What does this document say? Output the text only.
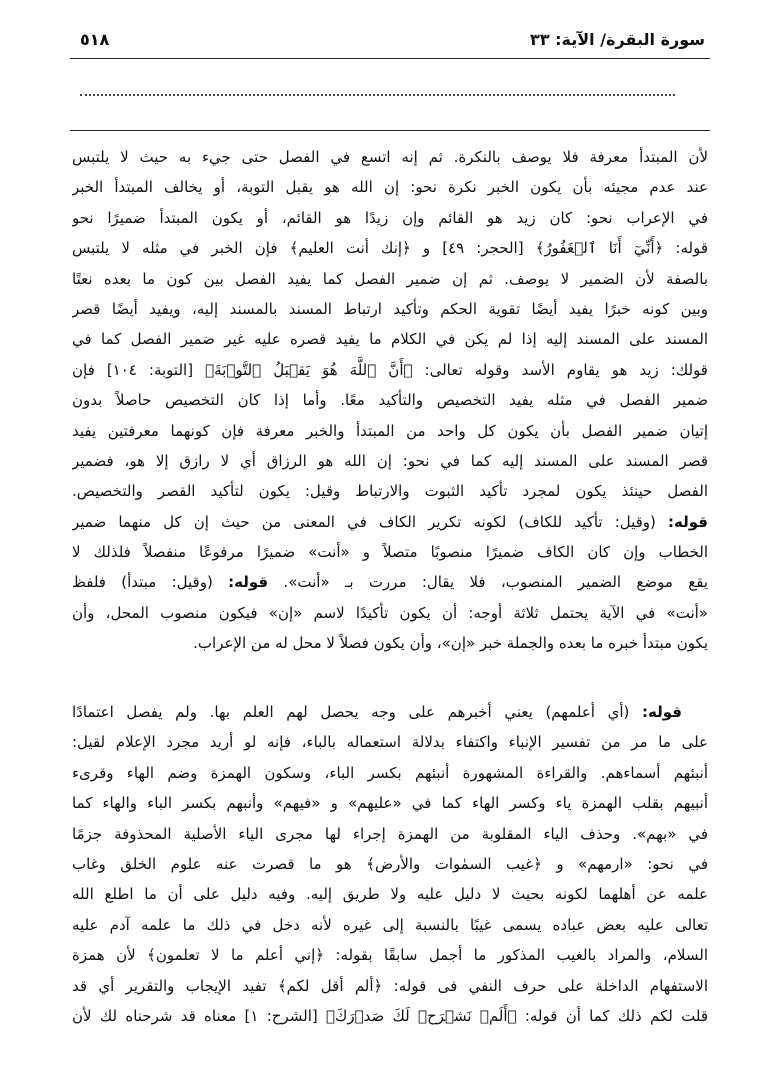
سورة البقرة/ الآية: ٣٣
٥١٨
لأن المبتدأ معرفة فلا يوصف بالنكرة. ثم إنه اتسع في الفصل حتى جيء به حيث لا يلتبس
عند عدم مجيئه بأن يكون الخبر نكرة نحو: إن الله هو يقبل التوبة، أو يخالف المبتدأ الخبر
في الإعراب نحو: كان زيد هو القائم وإن زيدًا هو القائم، أو يكون المبتدأ ضميرًا نحو
قوله: ﴿أَنِّيٓ أَنَا ٱلۡغَفُورُ﴾ [الحجر: ٤٩] و ﴿إنك أنت العليم﴾ فإن الخبر في مثله لا يلتبس
بالصفة لأن الضمير لا يوصف. ثم إن ضمير الفصل كما يفيد الفصل بين كون ما بعده نعتًا
وبين كونه خبرًا يفيد أيضًا تقوية الحكم وتأكيد ارتباط المسند بالمسند إليه، ويفيد أيضًا قصر
المسند على المسند إليه إذا لم يكن في الكلام ما يفيد قصره عليه غير ضمير الفصل كما في
قولك: زيد هو يقاوم الأسد وقوله تعالى: ﴿أَنَّ ٱللَّهَ هُوَ يَقۡبَلُ ٱلتَّوۡبَةَ﴾ [التوبة: ١٠٤] فإن
ضمير الفصل في مثله يفيد التخصيص والتأكيد معًا. وأما إذا كان التخصيص حاصلاً بدون
إتيان ضمير الفصل بأن يكون كل واحد من المبتدأ والخبر معرفة فإن كونهما معرفتين يفيد
قصر المسند على المسند إليه كما في نحو: إن الله هو الرزاق أي لا رازق إلا هو، فضمير
الفصل حينئذ يكون لمجرد تأكيد الثبوت والارتباط وقيل: يكون لتأكيد القصر والتخصيص.
قوله: (وقيل: تأكيد للكاف) لكونه تكرير الكاف في المعنى من حيث إن كل منهما ضمير
الخطاب وإن كان الكاف ضميرًا منصوبًا متصلاً و «أنت» ضميرًا مرفوعًا منفصلاً فلذلك لا
يقع موضع الضمير المنصوب، فلا يقال: مررت بـ «أنت». قوله: (وقيل: مبتدأ) فلفظ
«أنت» في الآية يحتمل ثلاثة أوجه: أن يكون تأكيدًا لاسم «إن» فيكون منصوب المحل، وأن
يكون مبتدأ خبره ما بعده والجملة خبر «إن»، وأن يكون فصلاً لا محل له من الإعراب.
قوله: (أي أعلمهم) يعني أخبرهم على وجه يحصل لهم العلم بها. ولم يفصل اعتمادًا
على ما مر من تفسير الإنباء واكتفاء بدلالة استعماله بالباء، فإنه لو أريد مجرد الإعلام لقيل:
أنبئهم أسماءهم. والقراءة المشهورة أنبئهم بكسر الباء، وسكون الهمزة وضم الهاء وقرىء
أنبيهم بقلب الهمزة ياء وكسر الهاء كما في «عليهم» و «فيهم» وأنبهم بكسر الباء والهاء كما
في «بهم». وحذف الياء المقلوبة من الهمزة إجراء لها مجرى الياء الأصلية المحذوفة جزمًا
في نحو: «ارمهم» و ﴿غيب السمٰوات والأرض﴾ هو ما قصرت عنه علوم الخلق وغاب
علمه عن أهلهما لكونه بحيث لا دليل عليه ولا طريق إليه. وفيه دليل على أن ما اطلع الله
تعالى عليه بعض عباده يسمى غيبًا بالنسبة إلى غيره لأنه دخل في ذلك ما علمه آدم عليه
السلام، والمراد بالغيب المذكور ما أجمل سابقًا بقوله: ﴿إني أعلم ما لا تعلمون﴾ لأن همزة
الاستفهام الداخلة على حرف النفي فى قوله: ﴿ألم أقل لكم﴾ تفيد الإيجاب والتقرير أي قد
قلت لكم ذلك كما أن قوله: ﴿أَلَمۡ نَشۡرَحۡ لَكَ صَدۡرَكَ﴾ [الشرح: ١] معناه قد شرحناه لك لأن
